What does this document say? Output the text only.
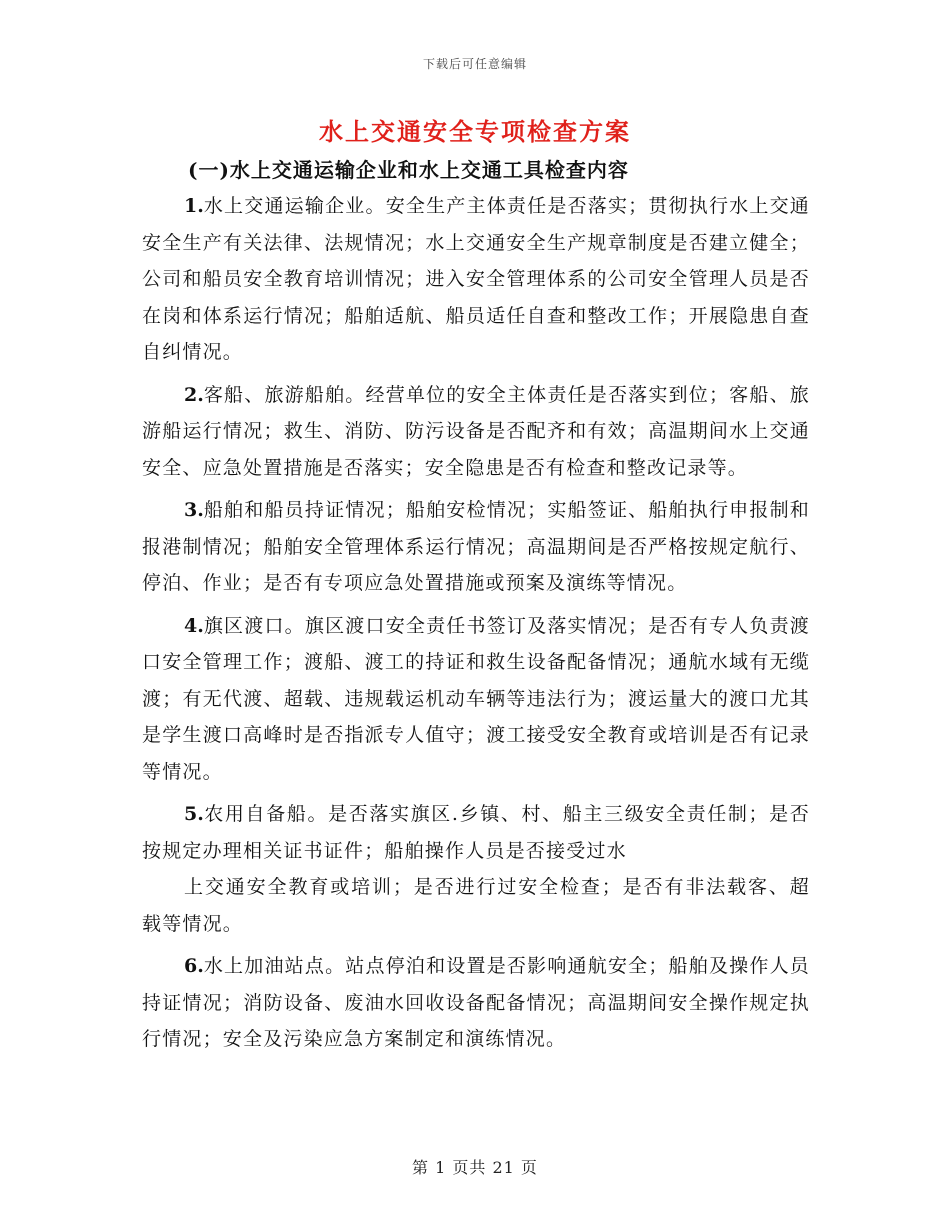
下载后可任意编辑
水上交通安全专项检查方案
(一)水上交通运输企业和水上交通工具检查内容

1.水上交通运输企业。安全生产主体责任是否落实；贯彻执行水上交通安全生产有关法律、法规情况；水上交通安全生产规章制度是否建立健全；公司和船员安全教育培训情况；进入安全管理体系的公司安全管理人员是否在岗和体系运行情况；船舶适航、船员适任自查和整改工作；开展隐患自查自纠情况。

2.客船、旅游船舶。经营单位的安全主体责任是否落实到位；客船、旅游船运行情况；救生、消防、防污设备是否配齐和有效；高温期间水上交通安全、应急处置措施是否落实；安全隐患是否有检查和整改记录等。

3.船舶和船员持证情况；船舶安检情况；实船签证、船舶执行申报制和报港制情况；船舶安全管理体系运行情况；高温期间是否严格按规定航行、停泊、作业；是否有专项应急处置措施或预案及演练等情况。

4.旗区渡口。旗区渡口安全责任书签订及落实情况；是否有专人负责渡口安全管理工作；渡船、渡工的持证和救生设备配备情况；通航水域有无缆渡；有无代渡、超载、违规载运机动车辆等违法行为；渡运量大的渡口尤其是学生渡口高峰时是否指派专人值守；渡工接受安全教育或培训是否有记录等情况。

5.农用自备船。是否落实旗区.乡镇、村、船主三级安全责任制；是否按规定办理相关证书证件；船舶操作人员是否接受过水

上交通安全教育或培训；是否进行过安全检查；是否有非法载客、超载等情况。

6.水上加油站点。站点停泊和设置是否影响通航安全；船舶及操作人员持证情况；消防设备、废油水回收设备配备情况；高温期间安全操作规定执行情况；安全及污染应急方案制定和演练情况。

第 1 页共 21 页
